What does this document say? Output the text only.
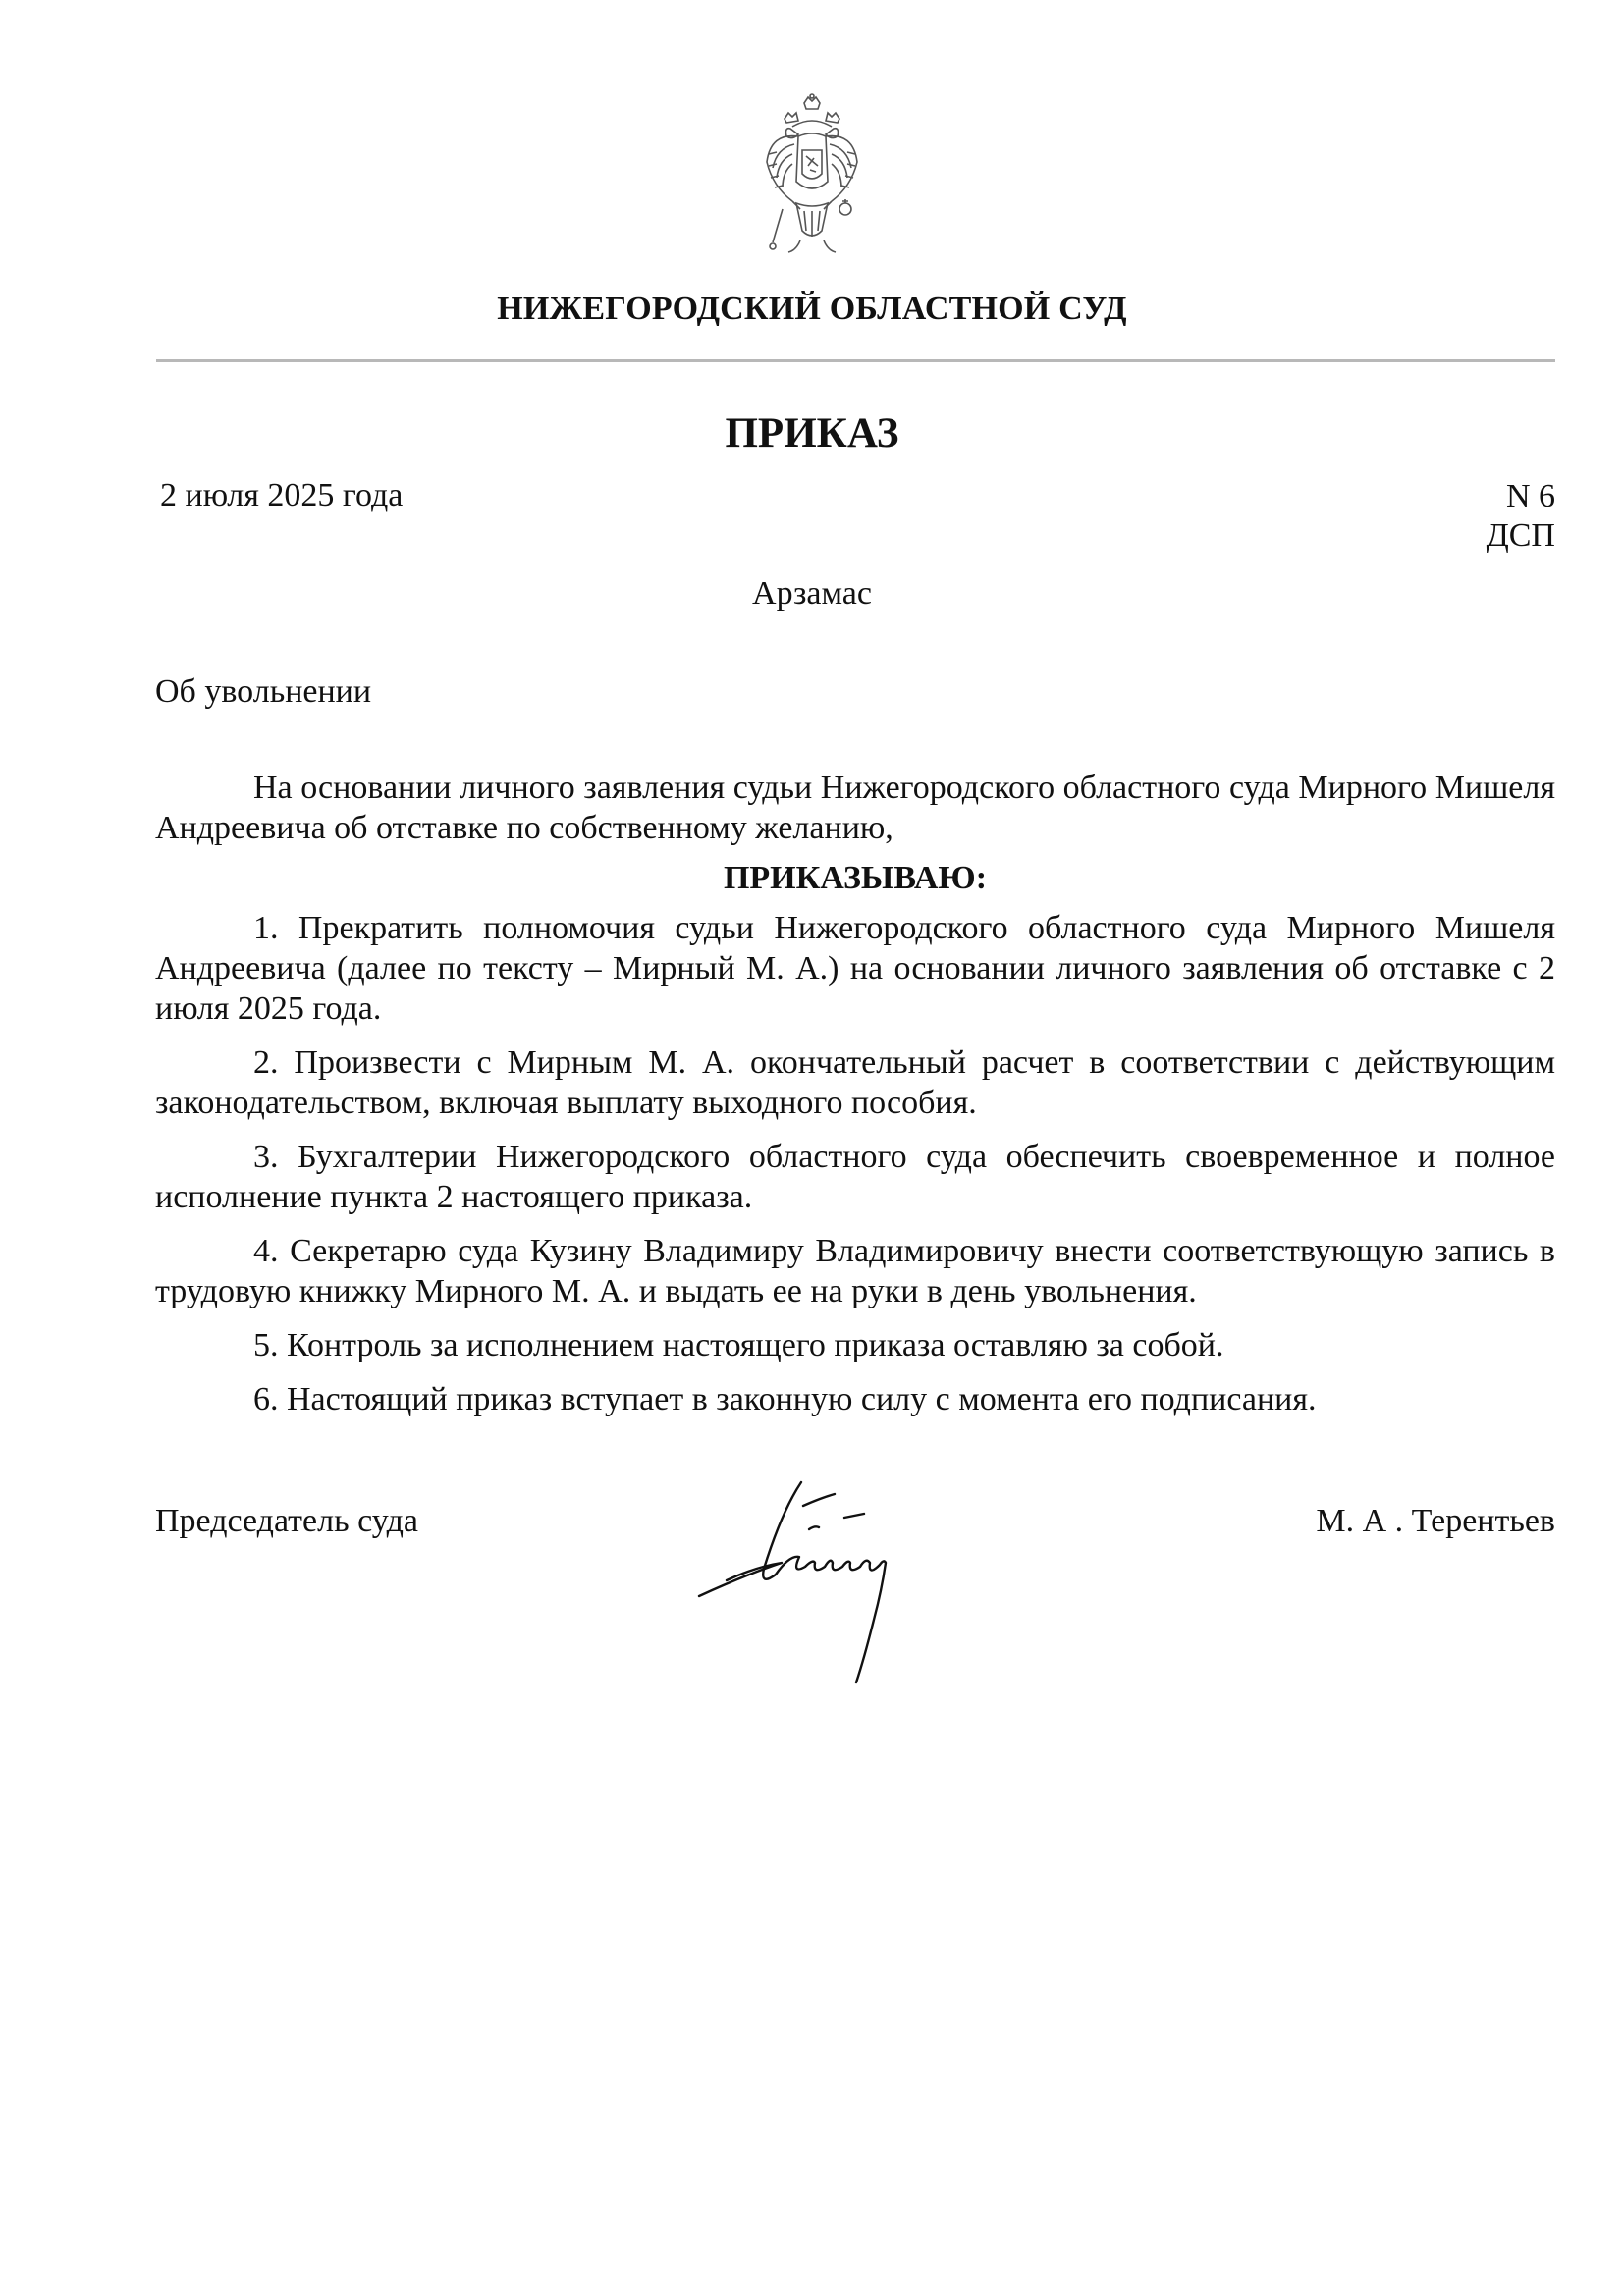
НИЖЕГОРОДСКИЙ ОБЛАСТНОЙ СУД
ПРИКАЗ
2 июля 2025 года	N 6
ДСП
Арзамас
Об увольнении

На основании личного заявления судьи Нижегородского областного суда Мирного Мишеля Андреевича об отставке по собственному желанию,

ПРИКАЗЫВАЮ:

1. Прекратить полномочия судьи Нижегородского областного суда Мирного Мишеля Андреевича (далее по тексту – Мирный М. А.) на основании личного заявления об отставке с 2 июля 2025 года.

2. Произвести с Мирным М. А. окончательный расчет в соответствии с действующим законодательством, включая выплату выходного пособия.

3. Бухгалтерии Нижегородского областного суда обеспечить своевременное и полное исполнение пункта 2 настоящего приказа.

4. Секретарю суда Кузину Владимиру Владимировичу внести соответствующую запись в трудовую книжку Мирного М. А. и выдать ее на руки в день увольнения.

5. Контроль за исполнением настоящего приказа оставляю за собой.

6. Настоящий приказ вступает в законную силу с момента его подписания.

Председатель суда	М. А . Терентьев
